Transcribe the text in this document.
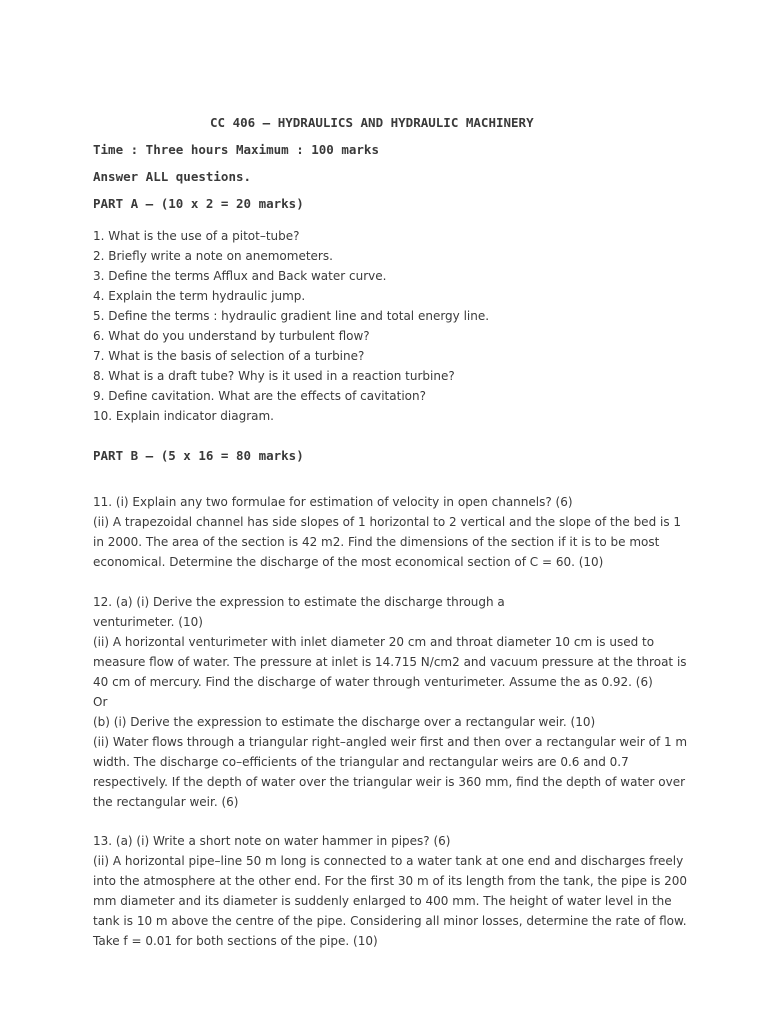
CC 406 — HYDRAULICS AND HYDRAULIC MACHINERY

Time : Three hours Maximum : 100 marks

Answer ALL questions.

PART A — (10 x 2 = 20 marks)

1. What is the use of a pitot–tube?
2. Briefly write a note on anemometers.
3. Define the terms Afflux and Back water curve.
4. Explain the term hydraulic jump.
5. Define the terms : hydraulic gradient line and total energy line.
6. What do you understand by turbulent flow?
7. What is the basis of selection of a turbine?
8. What is a draft tube? Why is it used in a reaction turbine?
9. Define cavitation. What are the effects of cavitation?
10. Explain indicator diagram.

PART B — (5 x 16 = 80 marks)

11. (i) Explain any two formulae for estimation of velocity in open channels? (6)
(ii) A trapezoidal channel has side slopes of 1 horizontal to 2 vertical and the slope of the bed is 1
in 2000. The area of the section is 42 m2. Find the dimensions of the section if it is to be most
economical. Determine the discharge of the most economical section of C = 60. (10)
12. (a) (i) Derive the expression to estimate the discharge through a
venturimeter. (10)
(ii) A horizontal venturimeter with inlet diameter 20 cm and throat diameter 10 cm is used to
measure flow of water. The pressure at inlet is 14.715 N/cm2 and vacuum pressure at the throat is
40 cm of mercury. Find the discharge of water through venturimeter. Assume the as 0.92. (6)
Or
(b) (i) Derive the expression to estimate the discharge over a rectangular weir. (10)
(ii) Water flows through a triangular right–angled weir first and then over a rectangular weir of 1 m
width. The discharge co–efficients of the triangular and rectangular weirs are 0.6 and 0.7
respectively. If the depth of water over the triangular weir is 360 mm, find the depth of water over
the rectangular weir. (6)
13. (a) (i) Write a short note on water hammer in pipes? (6)
(ii) A horizontal pipe–line 50 m long is connected to a water tank at one end and discharges freely
into the atmosphere at the other end. For the first 30 m of its length from the tank, the pipe is 200
mm diameter and its diameter is suddenly enlarged to 400 mm. The height of water level in the
tank is 10 m above the centre of the pipe. Considering all minor losses, determine the rate of flow.
Take f = 0.01 for both sections of the pipe. (10)
